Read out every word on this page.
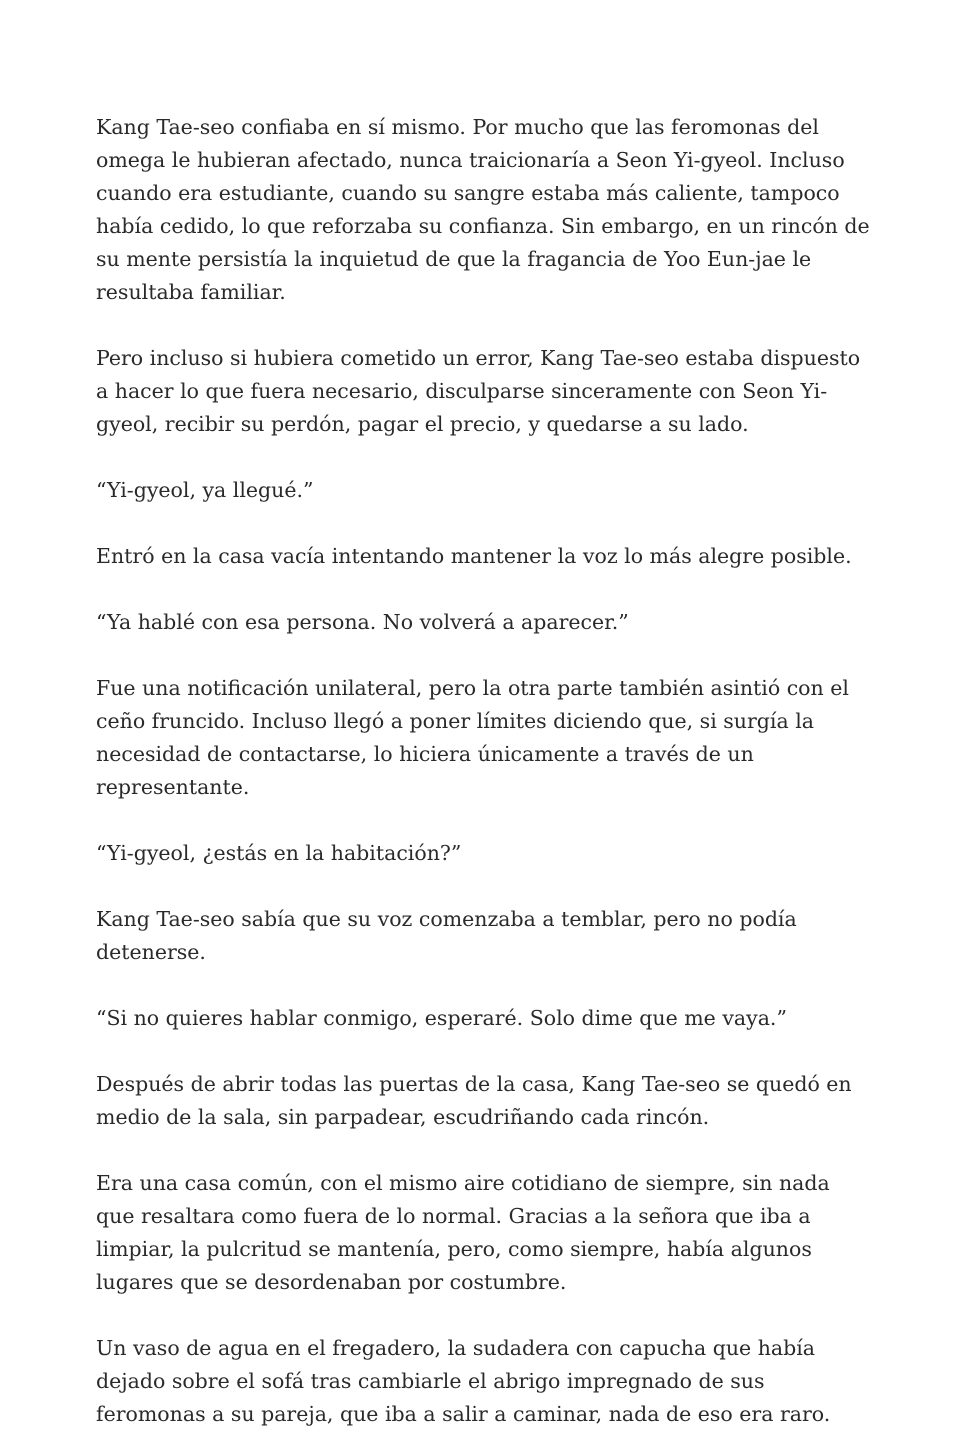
Kang Tae-seo confiaba en sí mismo. Por mucho que las feromonas del omega le hubieran afectado, nunca traicionaría a Seon Yi-gyeol. Incluso cuando era estudiante, cuando su sangre estaba más caliente, tampoco había cedido, lo que reforzaba su confianza. Sin embargo, en un rincón de su mente persistía la inquietud de que la fragancia de Yoo Eun-jae le resultaba familiar.

Pero incluso si hubiera cometido un error, Kang Tae-seo estaba dispuesto a hacer lo que fuera necesario, disculparse sinceramente con Seon Yi-gyeol, recibir su perdón, pagar el precio, y quedarse a su lado.

“Yi-gyeol, ya llegué.”

Entró en la casa vacía intentando mantener la voz lo más alegre posible.

“Ya hablé con esa persona. No volverá a aparecer.”

Fue una notificación unilateral, pero la otra parte también asintió con el ceño fruncido. Incluso llegó a poner límites diciendo que, si surgía la necesidad de contactarse, lo hiciera únicamente a través de un representante.

“Yi-gyeol, ¿estás en la habitación?”

Kang Tae-seo sabía que su voz comenzaba a temblar, pero no podía detenerse.

“Si no quieres hablar conmigo, esperaré. Solo dime que me vaya.”

Después de abrir todas las puertas de la casa, Kang Tae-seo se quedó en medio de la sala, sin parpadear, escudriñando cada rincón.

Era una casa común, con el mismo aire cotidiano de siempre, sin nada que resaltara como fuera de lo normal. Gracias a la señora que iba a limpiar, la pulcritud se mantenía, pero, como siempre, había algunos lugares que se desordenaban por costumbre.

Un vaso de agua en el fregadero, la sudadera con capucha que había dejado sobre el sofá tras cambiarle el abrigo impregnado de sus feromonas a su pareja, que iba a salir a caminar, nada de eso era raro.
